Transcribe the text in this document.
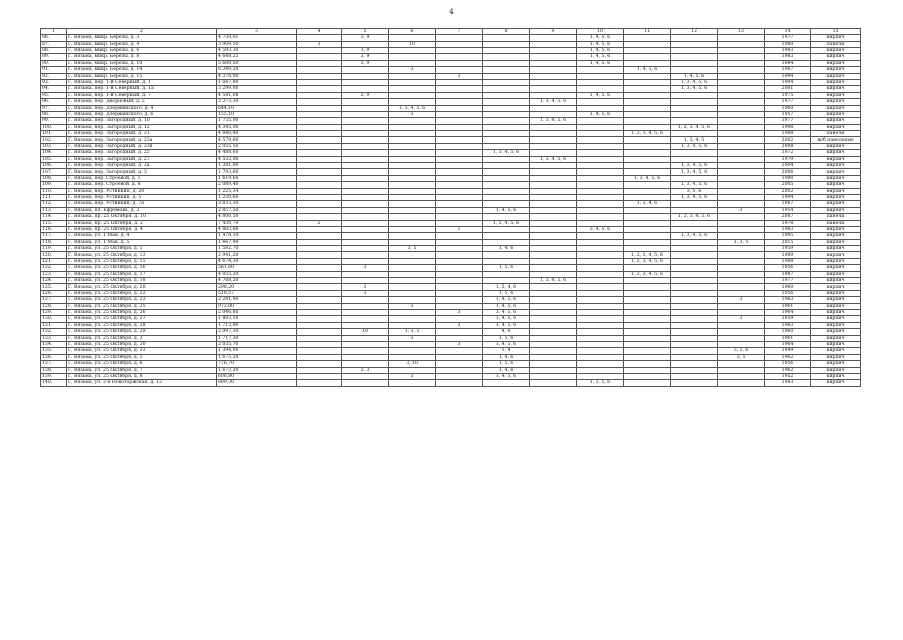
4
1	2	3	4	5	6	7	8	9	10	11	12	13	14	15
86.	Г. Вязьма, микр. Березы, д. 3	4 730,01		3, 9					1, 4, 5, 6				1977	кирпич
87.	Г. Вязьма, микр. Березы, д. 4	3 909,50	3		10				1, 4, 5, 6				1980	панели
88.	Г. Вязьма, микр. Березы, д. 6	4 593,30		3, 9					1, 4, 5, 6				1983	кирпич
89.	Г. Вязьма, микр. Березы, д. 8	4 648,25		3, 9					1, 4, 5, 6				1983	кирпич
90.	Г. Вязьма, микр. Березы, д. 10	5 680,50		3, 9					1, 4, 5, 6				1984	кирпич
91.	Г. Вязьма, микр. Березы, д. 14	8 349,20			3					1, 4, 5, 6			1987	кирпич
92.	Г. Вязьма, микр. Березы, д. 15	4 378,00				3					1, 4, 5, 6		1994	кирпич
93.	Г. Вязьма, пер. 1-й Северный, д. 1	1 047,80									1, 3, 4, 5, 6		1994	кирпич
94.	Г. Вязьма, пер. 1-й Северный, д. 1а	3 299,00									1, 3, 4, 5, 6		2001	кирпич
95.	Г. Вязьма, пер. 1-й Северный, д. 7	4 541,08		3, 9					1, 4, 5, 6				1975	кирпич
96.	Г. Вязьма, пер. Дворцовый, д. 2	3 373,30						1, 3, 4, 5, 6					1977	кирпич
97.	Г. Вязьма, пер. Дзержинского, д. 4	644,10			1, 3, 4, 5, 6								1960	кирпич
98.	Г. Вязьма, пер. Дзержинского, д. 6	155,10			3				1, 4, 5, 6				1957	кирпич
99.	Г. Вязьма, пер. Загородный, д. 10	1 735,00						1, 3, 4, 5, 6					1977	кирпич
100.	Г. Вязьма, пер. Загородный, д. 12	4 345,00									1, 2, 3, 4, 5, 6		1998	кирпич
101.	Г. Вязьма, пер. Загородный, д. 21	4 840,40								1, 2, 3, 4, 5, 6			1988	панели
102.	Г. Вязьма, пер. Загородный, д. 23а	4 579,60									1, 3, 4, 5		2002	ж/б панельные
103.	Г. Вязьма, пер. Загородный, д. 23в	2 055,50									1, 3, 4, 5, 6		2008	кирпич
104.	Г. Вязьма, пер. Загородный, д. 25	4 488,60					1, 3, 4, 5, 6						1972	кирпич
105.	Г. Вязьма, пер. Загородный, д. 27	4 532,00						1, 3, 4, 5, 6					1979	кирпич
106.	Г. Вязьма, пер. Загородный, д. 2а	1 381,00									1, 3, 4, 5, 6		2004	кирпич
107.	Г. Вязьма, пер. Загородный, д. 3	1 793,60									1, 3, 4, 5, 6		2006	кирпич
108.	Г. Вязьма, пер. Строевой, д. 1	1 619,60								1, 3, 4, 5, 6			1990	кирпич
109.	Г. Вязьма, пер. Строевой, д. 8	2 089,40									1, 3, 4, 5, 6		2005	кирпич
110.	Г. Вязьма, пер. Устинкин, д. 20	1 225,34									3, 5, 6		2002	кирпич
111.	Г. Вязьма, пер. Устинкин, д. 5	1 220,60									1, 3, 4, 5, 6		1994	кирпич
112.	Г. Вязьма, пер. Устинкин, д. 7а	3 833,30								1, 3, 4, 6			1987	кирпич
113.	Г. Вязьма, пл. Ефремова, д. 3	2 857,50					1, 4, 5, 6					3	1954	кирпич
114.	Г. Вязьма, пр. 25 Октября, д. 10	4 800,50									1, 2, 3, 4, 5, 6		2007	панели
115.	Г. Вязьма, пр. 25 Октября, д. 2	7 430,70	2				1, 3, 4, 5, 6						1978	панели
116.	Г. Вязьма, пр. 25 Октября, д. 4	4 803,68				1			3, 4, 5, 6				1983	кирпич
117.	Г. Вязьма, ул. 1 Мая, д. 4	1 478,10									1, 3, 4, 5, 6		1995	кирпич
118.	Г. Вязьма, ул. 1 Мая, д. 5	1 667,90										1, 3, 5	2015	кирпич
119.	Г. Вязьма, ул. 25 Октября, д. 1	1 582,70			3, 5		1, 4, 6						1959	кирпич
120.	Г. Вязьма, ул. 25 Октября, д. 13	2 941,20								1, 2, 3, 4, 5, 6			1989	кирпич
121.	Г. Вязьма, ул. 25 Октября, д. 15	4 674,30								1, 2, 3, 4, 5, 6			1988	кирпич
122.	Г. Вязьма, ул. 25 Октября, д. 16	561,60		3			1, 5, 6						1956	кирпич
123.	Г. Вязьма, ул. 25 Октября, д. 17	4 055,20								1, 2, 3, 4, 5, 6			1987	кирпич
124.	Г. Вязьма, ул. 25 Октября, д. 18	4 768,20						1, 3, 4, 5, 6					1977	кирпич
125.	Г. Вязьма, ул. 25 Октября, д. 20	298,20		3			1, 5, 4, 6						1960	кирпич
126.	Г. Вязьма, ул. 25 Октября, д. 22	518,57		3			1, 5, 6						1956	кирпич
127.	Г. Вязьма, ул. 25 Октября, д. 23	2 241,90					1, 4, 5, 6					3	1963	кирпич
128.	Г. Вязьма, ул. 25 Октября, д. 25	972,00			3		1, 4, 5, 6						1961	кирпич
129.	Г. Вязьма, ул. 25 Октября, д. 26	2 046,80				3	3, 4, 5, 6						1964	кирпич
130.	Г. Вязьма, ул. 25 Октября, д. 27	1 803,10					1, 4, 5, 6					3	1959	кирпич
131.	Г. Вязьма, ул. 25 Октября, д. 28	1 713,80				3	1, 4, 5, 6						1963	кирпич
132.	Г. Вязьма, ул. 25 Октября, д. 29	2 097,30		10	1, 3, 5		4, 6						1960	кирпич
133.	Г. Вязьма, ул. 25 Октября, д. 3	1 717,30			3		1, 5, 6						1961	кирпич
134.	Г. Вязьма, ул. 25 Октября, д. 30	2 035,70				3	1, 4, 5, 6						1964	кирпич
135.	Г. Вязьма, ул. 25 Октября, д. 33	1 394,00					1, 4					3, 5, 6	1949	кирпич
136.	Г. Вязьма, ул. 25 Октября, д. 5	1 675,20					1, 4, 6					3, 5	1962	кирпич
137.	Г. Вязьма, ул. 25 Октября, д. 6	776,70			3, 10		1, 5, 6						1956	кирпич
138.	Г. Вязьма, ул. 25 Октября, д. 7	1 673,20		2, 3			1, 4, 6						1962	кирпич
139.	Г. Вязьма, ул. 25 Октября, д. 8	608,80			3		1, 4, 5, 6						1952	кирпич
140.	Г. Вязьма, ул. 2-я Новоторжская, д. 12	809,30							1, 3, 5, 6				1983	кирпич
